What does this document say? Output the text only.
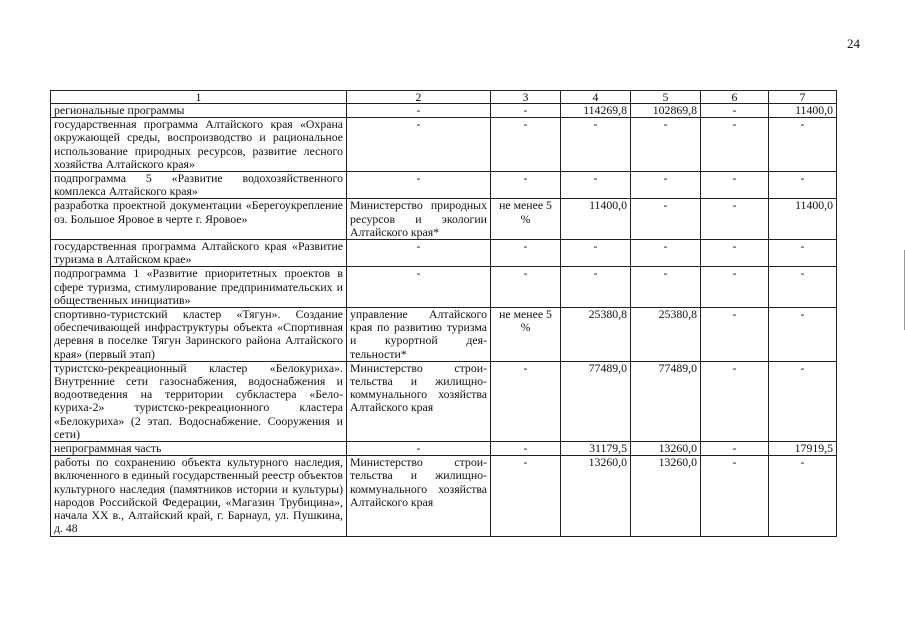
24
1	2	3	4	5	6	7
региональные программы	-	-	114269,8	102869,8	-	11400,0
государственная программа Алтайского края «Охрана окружающей среды, воспроизводство и рациональное использование природных ресурсов, развитие лесного хозяйства Алтайского края»	-	-	-	-	-	-
подпрограмма 5 «Развитие водохозяйственного комплекса Алтайского края»	-	-	-	-	-	-
разработка проектной документации «Берегоукрепление оз. Большое Яровое в черте г. Яровое»	Министерство природных ресурсов и экологии Алтайского края*	не менее 5 %	11400,0	-	-	11400,0
государственная программа Алтайского края «Развитие туризма в Алтайском крае»	-	-	-	-	-	-
подпрограмма 1 «Развитие приоритетных проектов в сфере туризма, стимулирование предпринимательских и общественных инициатив»	-	-	-	-	-	-
спортивно-туристский кластер «Тягун». Создание обеспечивающей инфраструктуры объекта «Спортивная деревня в поселке Тягун Заринского района Алтайского края» (первый этап)	управление Алтайского края по развитию туризма и курортной деятельности*	не менее 5 %	25380,8	25380,8	-	-
туристско-рекреационный кластер «Белокуриха». Внутренние сети газоснабжения, водоснабжения и водоотведения на территории субкластера «Белокуриха-2» туристско-рекреационного кластера «Белокуриха» (2 этап. Водоснабжение. Сооружения и сети)	Министерство строительства и жилищно-коммунального хозяйства Алтайского края	-	77489,0	77489,0	-	-
непрограммная часть	-	-	31179,5	13260,0	-	17919,5
работы по сохранению объекта культурного наследия, включенного в единый государственный реестр объектов культурного наследия (памятников истории и культуры) народов Российской Федерации, «Магазин Трубицина», начала XX в., Алтайский край, г. Барнаул, ул. Пушкина, д. 48	Министерство строительства и жилищно-коммунального хозяйства Алтайского края	-	13260,0	13260,0	-	-
